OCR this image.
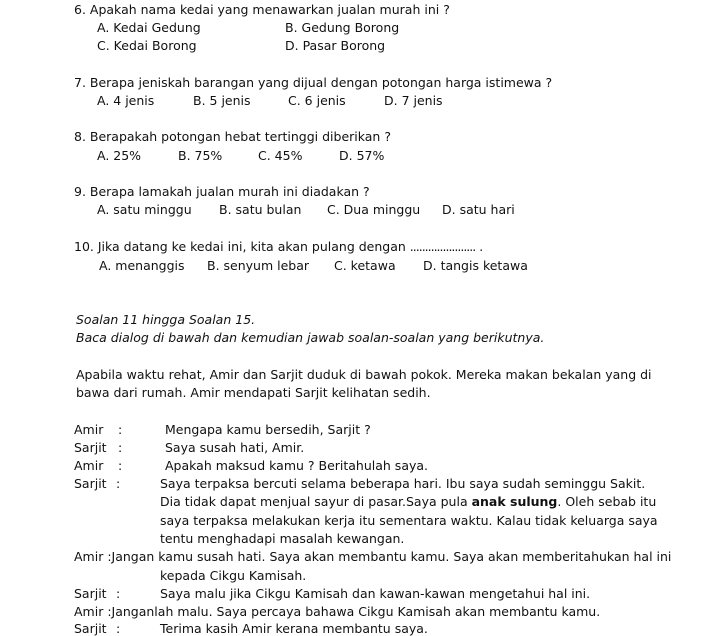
6. Apakah nama kedai yang menawarkan jualan murah ini ?
A. Kedai Gedung	B. Gedung Borong
C. Kedai Borong	D. Pasar Borong
7. Berapa jeniskah barangan yang dijual dengan potongan harga istimewa ?
A. 4 jenis	B. 5 jenis	C. 6 jenis	D. 7 jenis
8. Berapakah potongan hebat tertinggi diberikan ?
A. 25%	B. 75%	C. 45%	D. 57%
9. Berapa lamakah jualan murah ini diadakan ?
A. satu minggu B. satu bulan C. Dua minggu D. satu hari
10. Jika datang ke kedai ini, kita akan pulang dengan ...................... .
A. menanggis B. senyum lebar C. ketawa D. tangis ketawa
Soalan 11 hingga Soalan 15.
Baca dialog di bawah dan kemudian jawab soalan-soalan yang berikutnya.
Apabila waktu rehat, Amir dan Sarjit duduk di bawah pokok. Mereka makan bekalan yang di
bawa dari rumah. Amir mendapati Sarjit kelihatan sedih.
Amir :	Mengapa kamu bersedih, Sarjit ?
Sarjit :	Saya susah hati, Amir.
Amir :	Apakah maksud kamu ? Beritahulah saya.
Sarjit :	Saya terpaksa bercuti selama beberapa hari. Ibu saya sudah seminggu Sakit.
Dia tidak dapat menjual sayur di pasar.Saya pula anak sulung. Oleh sebab itu
saya terpaksa melakukan kerja itu sementara waktu. Kalau tidak keluarga saya
tentu menghadapi masalah kewangan.
Amir :Jangan kamu susah hati. Saya akan membantu kamu. Saya akan memberitahukan hal ini
kepada Cikgu Kamisah.
Sarjit :	Saya malu jika Cikgu Kamisah dan kawan-kawan mengetahui hal ini.
Amir :Janganlah malu. Saya percaya bahawa Cikgu Kamisah akan membantu kamu.
Sarjit :	Terima kasih Amir kerana membantu saya.
